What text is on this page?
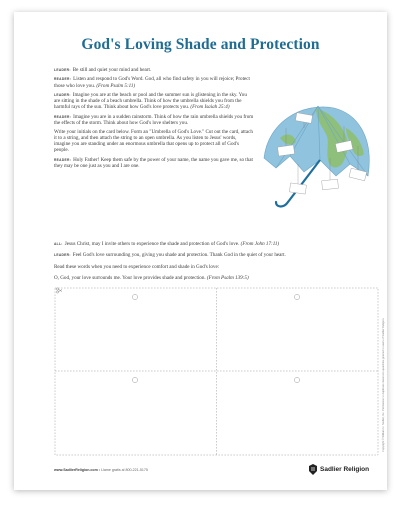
God's Loving Shade and Protection

LEADER: Be still and quiet your mind and heart.

READER: Listen and respond to God's Word. God, all who find safety in you will rejoice; Protect those who love you. (From Psalm 5:11)

LEADER: Imagine you are at the beach or pool and the summer sun is glistening in the sky. You are sitting in the shade of a beach umbrella. Think of how the umbrella shields you from the harmful rays of the sun. Think about how God's love protects you. (From Isaiah 25:4)

READER: Imagine you are in a sudden rainstorm. Think of how the rain umbrella shields you from the effects of the storm. Think about how God's love shelters you.

Write your initials on the card below. Form an "Umbrella of God's Love." Cut out the card, attach it to a string, and then attach the string to an open umbrella. As you listen to Jesus' words, imagine you are standing under an enormous umbrella that opens up to protect all of God's people.

READER: Holy Father! Keep them safe by the power of your name, the name you gave me, so that they may be one just as you and I are one.

ALL: Jesus Christ, may I invite others to experience the shade and protection of God's love. (From John 17:11)

LEADER: Feel God's love surrounding you, giving you shade and protection. Thank God in the quiet of your heart.

Read these words when you need to experience comfort and shade in God's love:

O, God, your love surrounds me. Your love provides shade and protection. (From Psalm 139:5)

www.SadlierReligion.com • Llame gratis al 800-221-5175	Sadlier Religion
Copyright © William H. Sadlier, Inc. Permission to duplicate classroom quantities granted to users of Sadlier Religion.
